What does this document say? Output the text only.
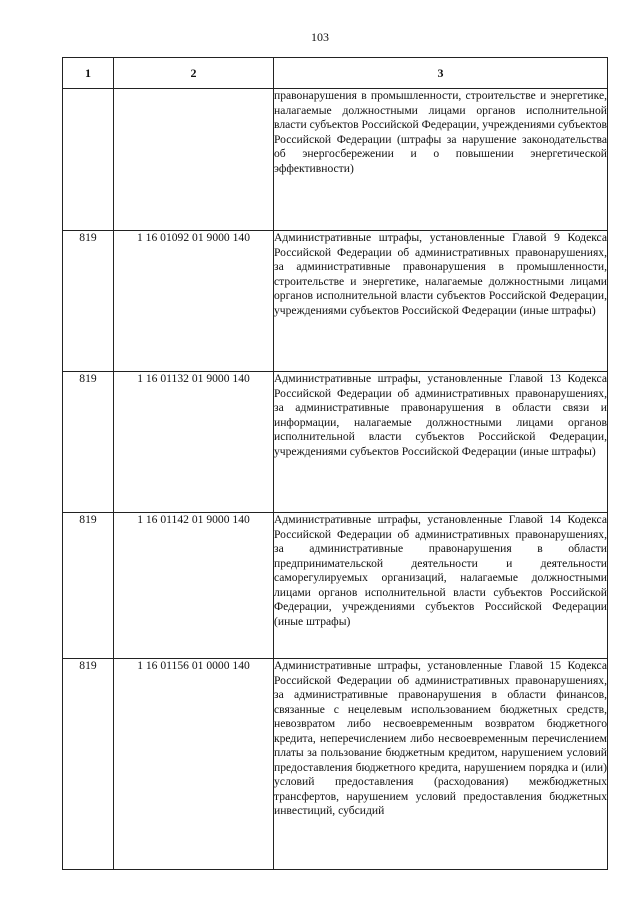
103
1	2	3
		правонарушения в промышленности, строительстве и энергетике, налагаемые должностными лицами органов исполнительной власти субъектов Российской Федерации, учреждениями субъектов Российской Федерации (штрафы за нарушение законодательства об энергосбережении и о повышении энергетической эффективности)
819	1 16 01092 01 9000 140	Административные штрафы, установленные Главой 9 Кодекса Российской Федерации об административных правонарушениях, за административные правонарушения в промышленности, строительстве и энергетике, налагаемые должностными лицами органов исполнительной власти субъектов Российской Федерации, учреждениями субъектов Российской Федерации (иные штрафы)
819	1 16 01132 01 9000 140	Административные штрафы, установленные Главой 13 Кодекса Российской Федерации об административных правонарушениях, за административные правонарушения в области связи и информации, налагаемые должностными лицами органов исполнительной власти субъектов Российской Федерации, учреждениями субъектов Российской Федерации (иные штрафы)
819	1 16 01142 01 9000 140	Административные штрафы, установленные Главой 14 Кодекса Российской Федерации об административных правонарушениях, за административные правонарушения в области предпринимательской деятельности и деятельности саморегулируемых организаций, налагаемые должностными лицами органов исполнительной власти субъектов Российской Федерации, учреждениями субъектов Российской Федерации (иные штрафы)
819	1 16 01156 01 0000 140	Административные штрафы, установленные Главой 15 Кодекса Российской Федерации об административных правонарушениях, за административные правонарушения в области финансов, связанные с нецелевым использованием бюджетных средств, невозвратом либо несвоевременным возвратом бюджетного кредита, неперечислением либо несвоевременным перечислением платы за пользование бюджетным кредитом, нарушением условий предоставления бюджетного кредита, нарушением порядка и (или) условий предоставления (расходования) межбюджетных трансфертов, нарушением условий предоставления бюджетных инвестиций, субсидий
